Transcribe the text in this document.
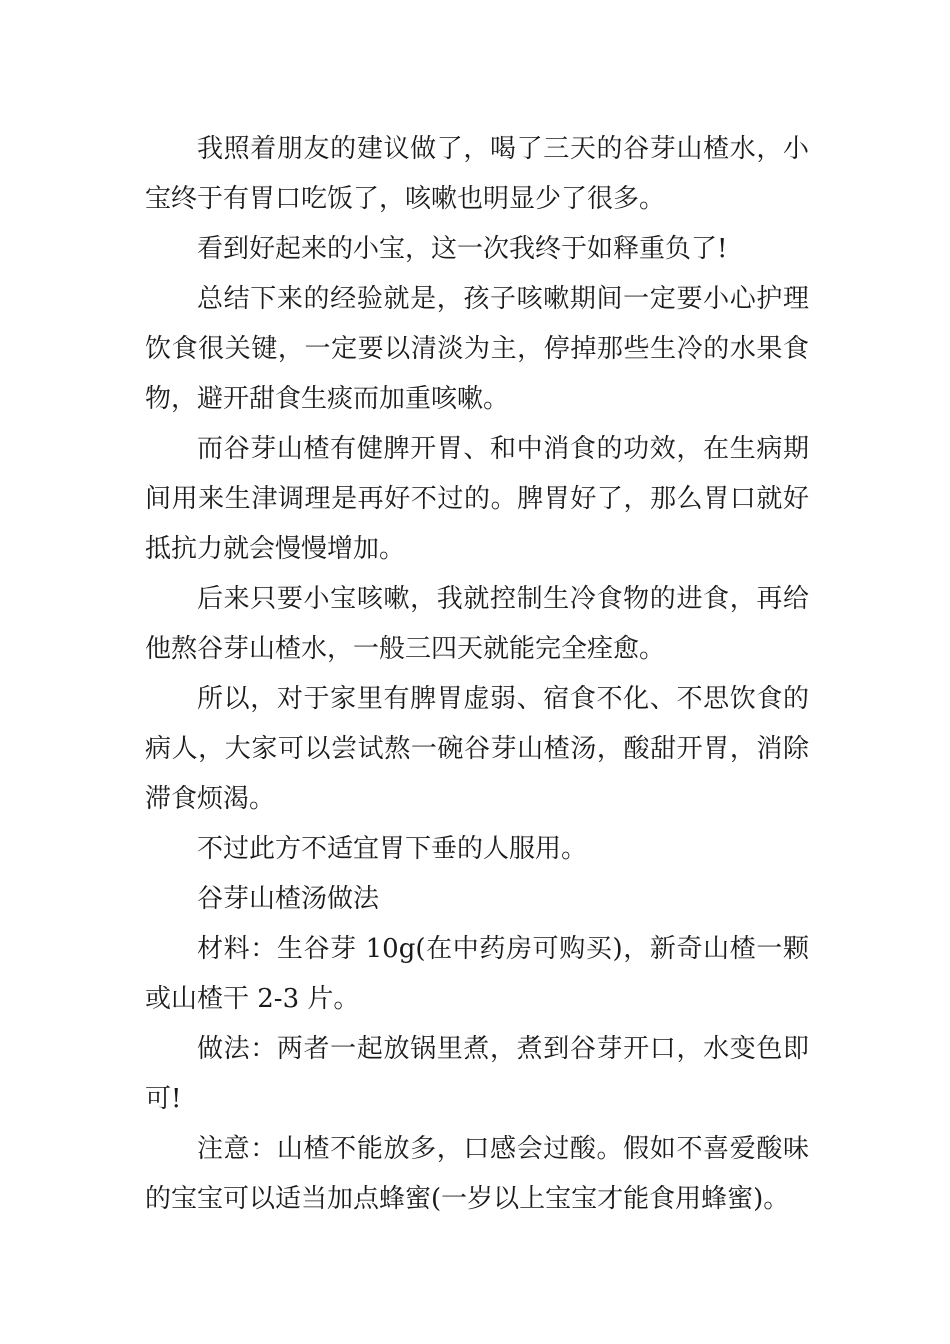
我照着朋友的建议做了，喝了三天的谷芽山楂水，小宝终于有胃口吃饭了，咳嗽也明显少了很多。

看到好起来的小宝，这一次我终于如释重负了!

总结下来的经验就是，孩子咳嗽期间一定要小心护理饮食很关键，一定要以清淡为主，停掉那些生冷的水果食物，避开甜食生痰而加重咳嗽。

而谷芽山楂有健脾开胃、和中消食的功效，在生病期间用来生津调理是再好不过的。脾胃好了，那么胃口就好抵抗力就会慢慢增加。

后来只要小宝咳嗽，我就控制生冷食物的进食，再给他熬谷芽山楂水，一般三四天就能完全痊愈。

所以，对于家里有脾胃虚弱、宿食不化、不思饮食的病人，大家可以尝试熬一碗谷芽山楂汤，酸甜开胃，消除滞食烦渴。

不过此方不适宜胃下垂的人服用。

谷芽山楂汤做法

材料：生谷芽 10g(在中药房可购买)，新奇山楂一颗或山楂干 2-3 片。

做法：两者一起放锅里煮，煮到谷芽开口，水变色即可!

注意：山楂不能放多，口感会过酸。假如不喜爱酸味的宝宝可以适当加点蜂蜜(一岁以上宝宝才能食用蜂蜜)。
